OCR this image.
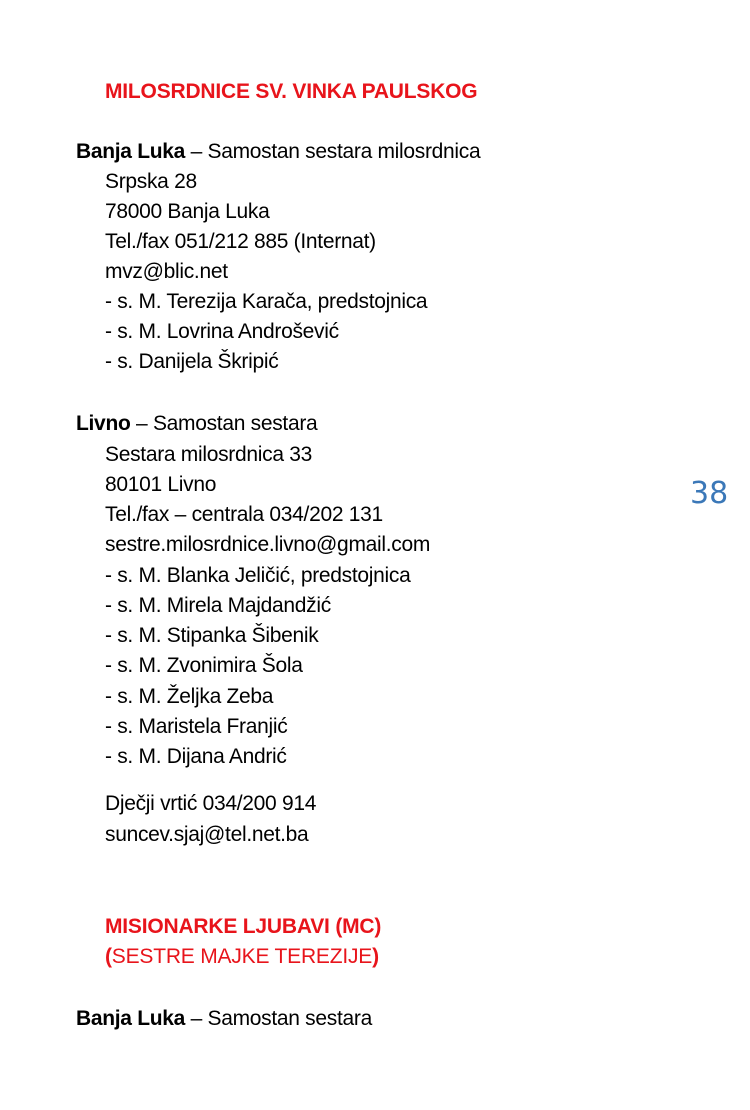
MILOSRDNICE SV. VINKA PAULSKOG
Banja Luka – Samostan sestara milosrdnica
Srpska 28
78000 Banja Luka
Tel./fax 051/212 885 (Internat)
mvz@blic.net
- s. M. Terezija Karača, predstojnica
- s. M. Lovrina Androšević
- s. Danijela Škripić
Livno – Samostan sestara
Sestara milosrdnica 33
80101 Livno
Tel./fax – centrala 034/202 131
sestre.milosrdnice.livno@gmail.com
- s. M. Blanka Jeličić, predstojnica
- s. M. Mirela Majdandžić
- s. M. Stipanka Šibenik
- s. M. Zvonimira Šola
- s. M. Željka Zeba
- s. Maristela Franjić
- s. M. Dijana Andrić
Dječji vrtić 034/200 914
suncev.sjaj@tel.net.ba
38
MISIONARKE LJUBAVI (MC)
(SESTRE MAJKE TEREZIJE)
Banja Luka – Samostan sestara
